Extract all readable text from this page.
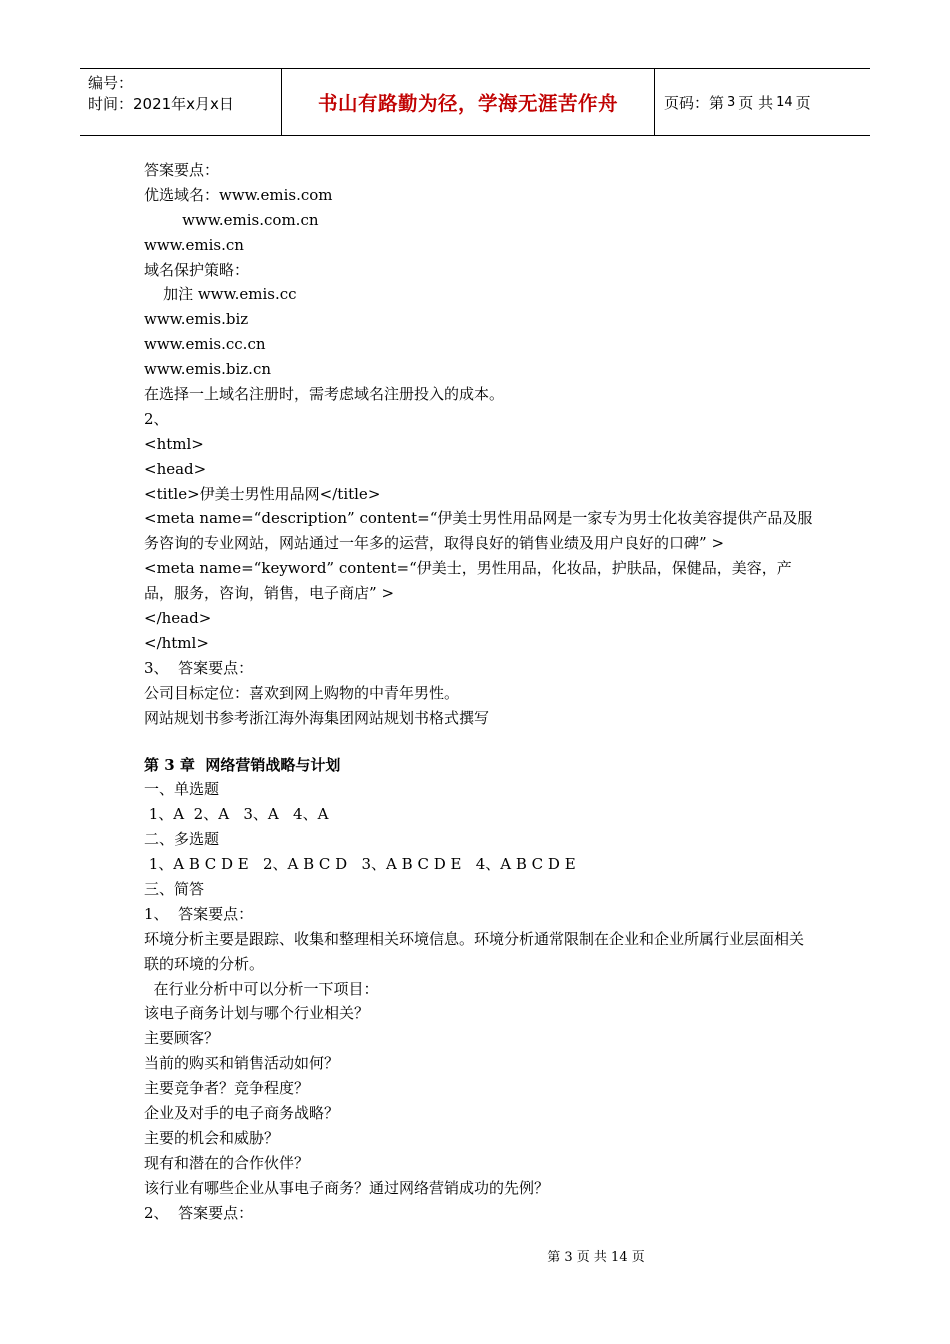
编号：
时间：2021年x月x日	书山有路勤为径，学海无涯苦作舟	页码：第 3 页 共 14 页
答案要点：
优选域名：www.emis.com
www.emis.com.cn
www.emis.cn
域名保护策略：
加注 www.emis.cc
www.emis.biz
www.emis.cc.cn
www.emis.biz.cn
在选择一上域名注册时，需考虑域名注册投入的成本。
2、
<html>
<head>
<title>伊美士男性用品网</title>
<meta name=“description” content=“伊美士男性用品网是一家专为男士化妆美容提供产品及服务咨询的专业网站，网站通过一年多的运营，取得良好的销售业绩及用户良好的口碑” >
<meta name=“keyword” content=“伊美士，男性用品，化妆品，护肤品，保健品，美容，产品，服务，咨询，销售，电子商店” >
</head>
</html>
3、  答案要点：
公司目标定位：喜欢到网上购物的中青年男性。
网站规划书参考浙江海外海集团网站规划书格式撰写
第 3 章  网络营销战略与计划
一、单选题
1、A  2、A   3、A   4、A
二、多选题
1、A B C D E   2、A B C D   3、A B C D E   4、A B C D E
三、简答
1、  答案要点：
环境分析主要是跟踪、收集和整理相关环境信息。环境分析通常限制在企业和企业所属行业层面相关联的环境的分析。
在行业分析中可以分析一下项目：
该电子商务计划与哪个行业相关？
主要顾客？
当前的购买和销售活动如何？
主要竞争者？竞争程度？
企业及对手的电子商务战略？
主要的机会和威胁？
现有和潜在的合作伙伴？
该行业有哪些企业从事电子商务？通过网络营销成功的先例？
2、  答案要点：
第 3 页 共 14 页
